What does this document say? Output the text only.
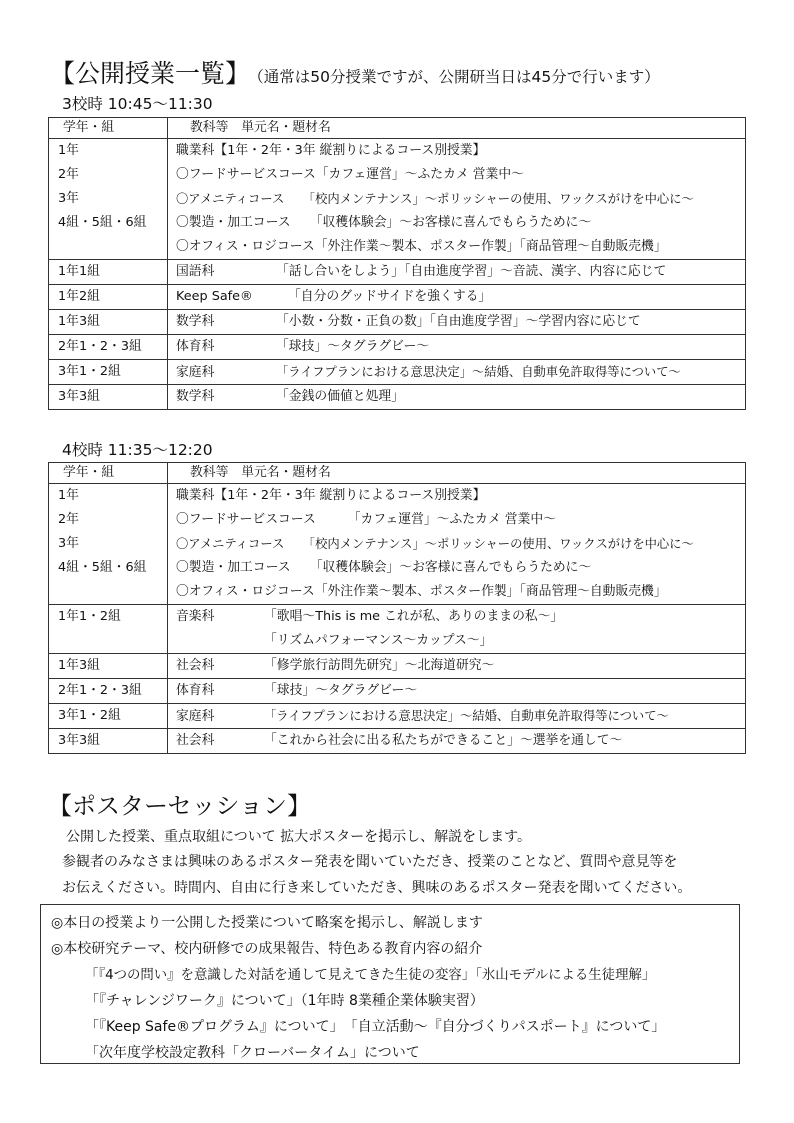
【公開授業一覧】 （通常は50分授業ですが、公開研当日は45分で行います）
3校時 10:45～11:30
学年・組	教科等　単元名・題材名

1年
2年
3年
4組・5組・6組	職業科【1年・2年・3年 縦割りによるコース別授業】
〇フードサービスコース「カフェ運営」～ふたカメ 営業中～
〇アメニティコース　　「校内メンテナンス」～ポリッシャーの使用、ワックスがけを中心に～
〇製造・加工コース　　「収穫体験会」～お客様に喜んでもらうために～
〇オフィス・ロジコース「外注作業～製本、ポスター作製」「商品管理～自動販売機」

1年1組	国語科 「話し合いをしよう」「自由進度学習」～音読、漢字、内容に応じて

1年2組	Keep Safe® 「自分のグッドサイドを強くする」

1年3組	数学科 「小数・分数・正負の数」「自由進度学習」～学習内容に応じて

2年1・2・3組	体育科 「球技」～タグラグビー～

3年1・2組	家庭科 「ライフプランにおける意思決定」～結婚、自動車免許取得等について～

3年3組	数学科 「金銭の価値と処理」
4校時 11:35～12:20
学年・組	教科等　単元名・題材名

1年
2年
3年
4組・5組・6組	職業科【1年・2年・3年 縦割りによるコース別授業】
〇フードサービスコース　　　「カフェ運営」～ふたカメ 営業中～
〇アメニティコース　　「校内メンテナンス」～ポリッシャーの使用、ワックスがけを中心に～
〇製造・加工コース　　「収穫体験会」～お客様に喜んでもらうために～
〇オフィス・ロジコース「外注作業～製本、ポスター作製」「商品管理～自動販売機」

1年1・2組	音楽科 「歌唱～This is me これが私、ありのままの私～」
「リズムパフォーマンス～カップス～」

1年3組	社会科 「修学旅行訪問先研究」～北海道研究～

2年1・2・3組	体育科 「球技」～タグラグビー～

3年1・2組	家庭科 「ライフプランにおける意思決定」～結婚、自動車免許取得等について～

3年3組	社会科 「これから社会に出る私たちができること」～選挙を通して～
【ポスターセッション】
公開した授業、重点取組について 拡大ポスターを掲示し、解説をします。
参観者のみなさまは興味のあるポスター発表を聞いていただき、授業のことなど、質問や意見等を
お伝えください。時間内、自由に行き来していただき、興味のあるポスター発表を聞いてください。
◎本日の授業より一公開した授業について略案を掲示し、解説します
◎本校研究テーマ、校内研修での成果報告、特色ある教育内容の紹介
「『4つの問い』を意識した対話を通して見えてきた生徒の変容」「氷山モデルによる生徒理解」
「『チャレンジワーク』について」（1年時 8業種企業体験実習）
「『Keep Safe®プログラム』について」　「自立活動～『自分づくりパスポート』について」
「次年度学校設定教科「クローバータイム」について
